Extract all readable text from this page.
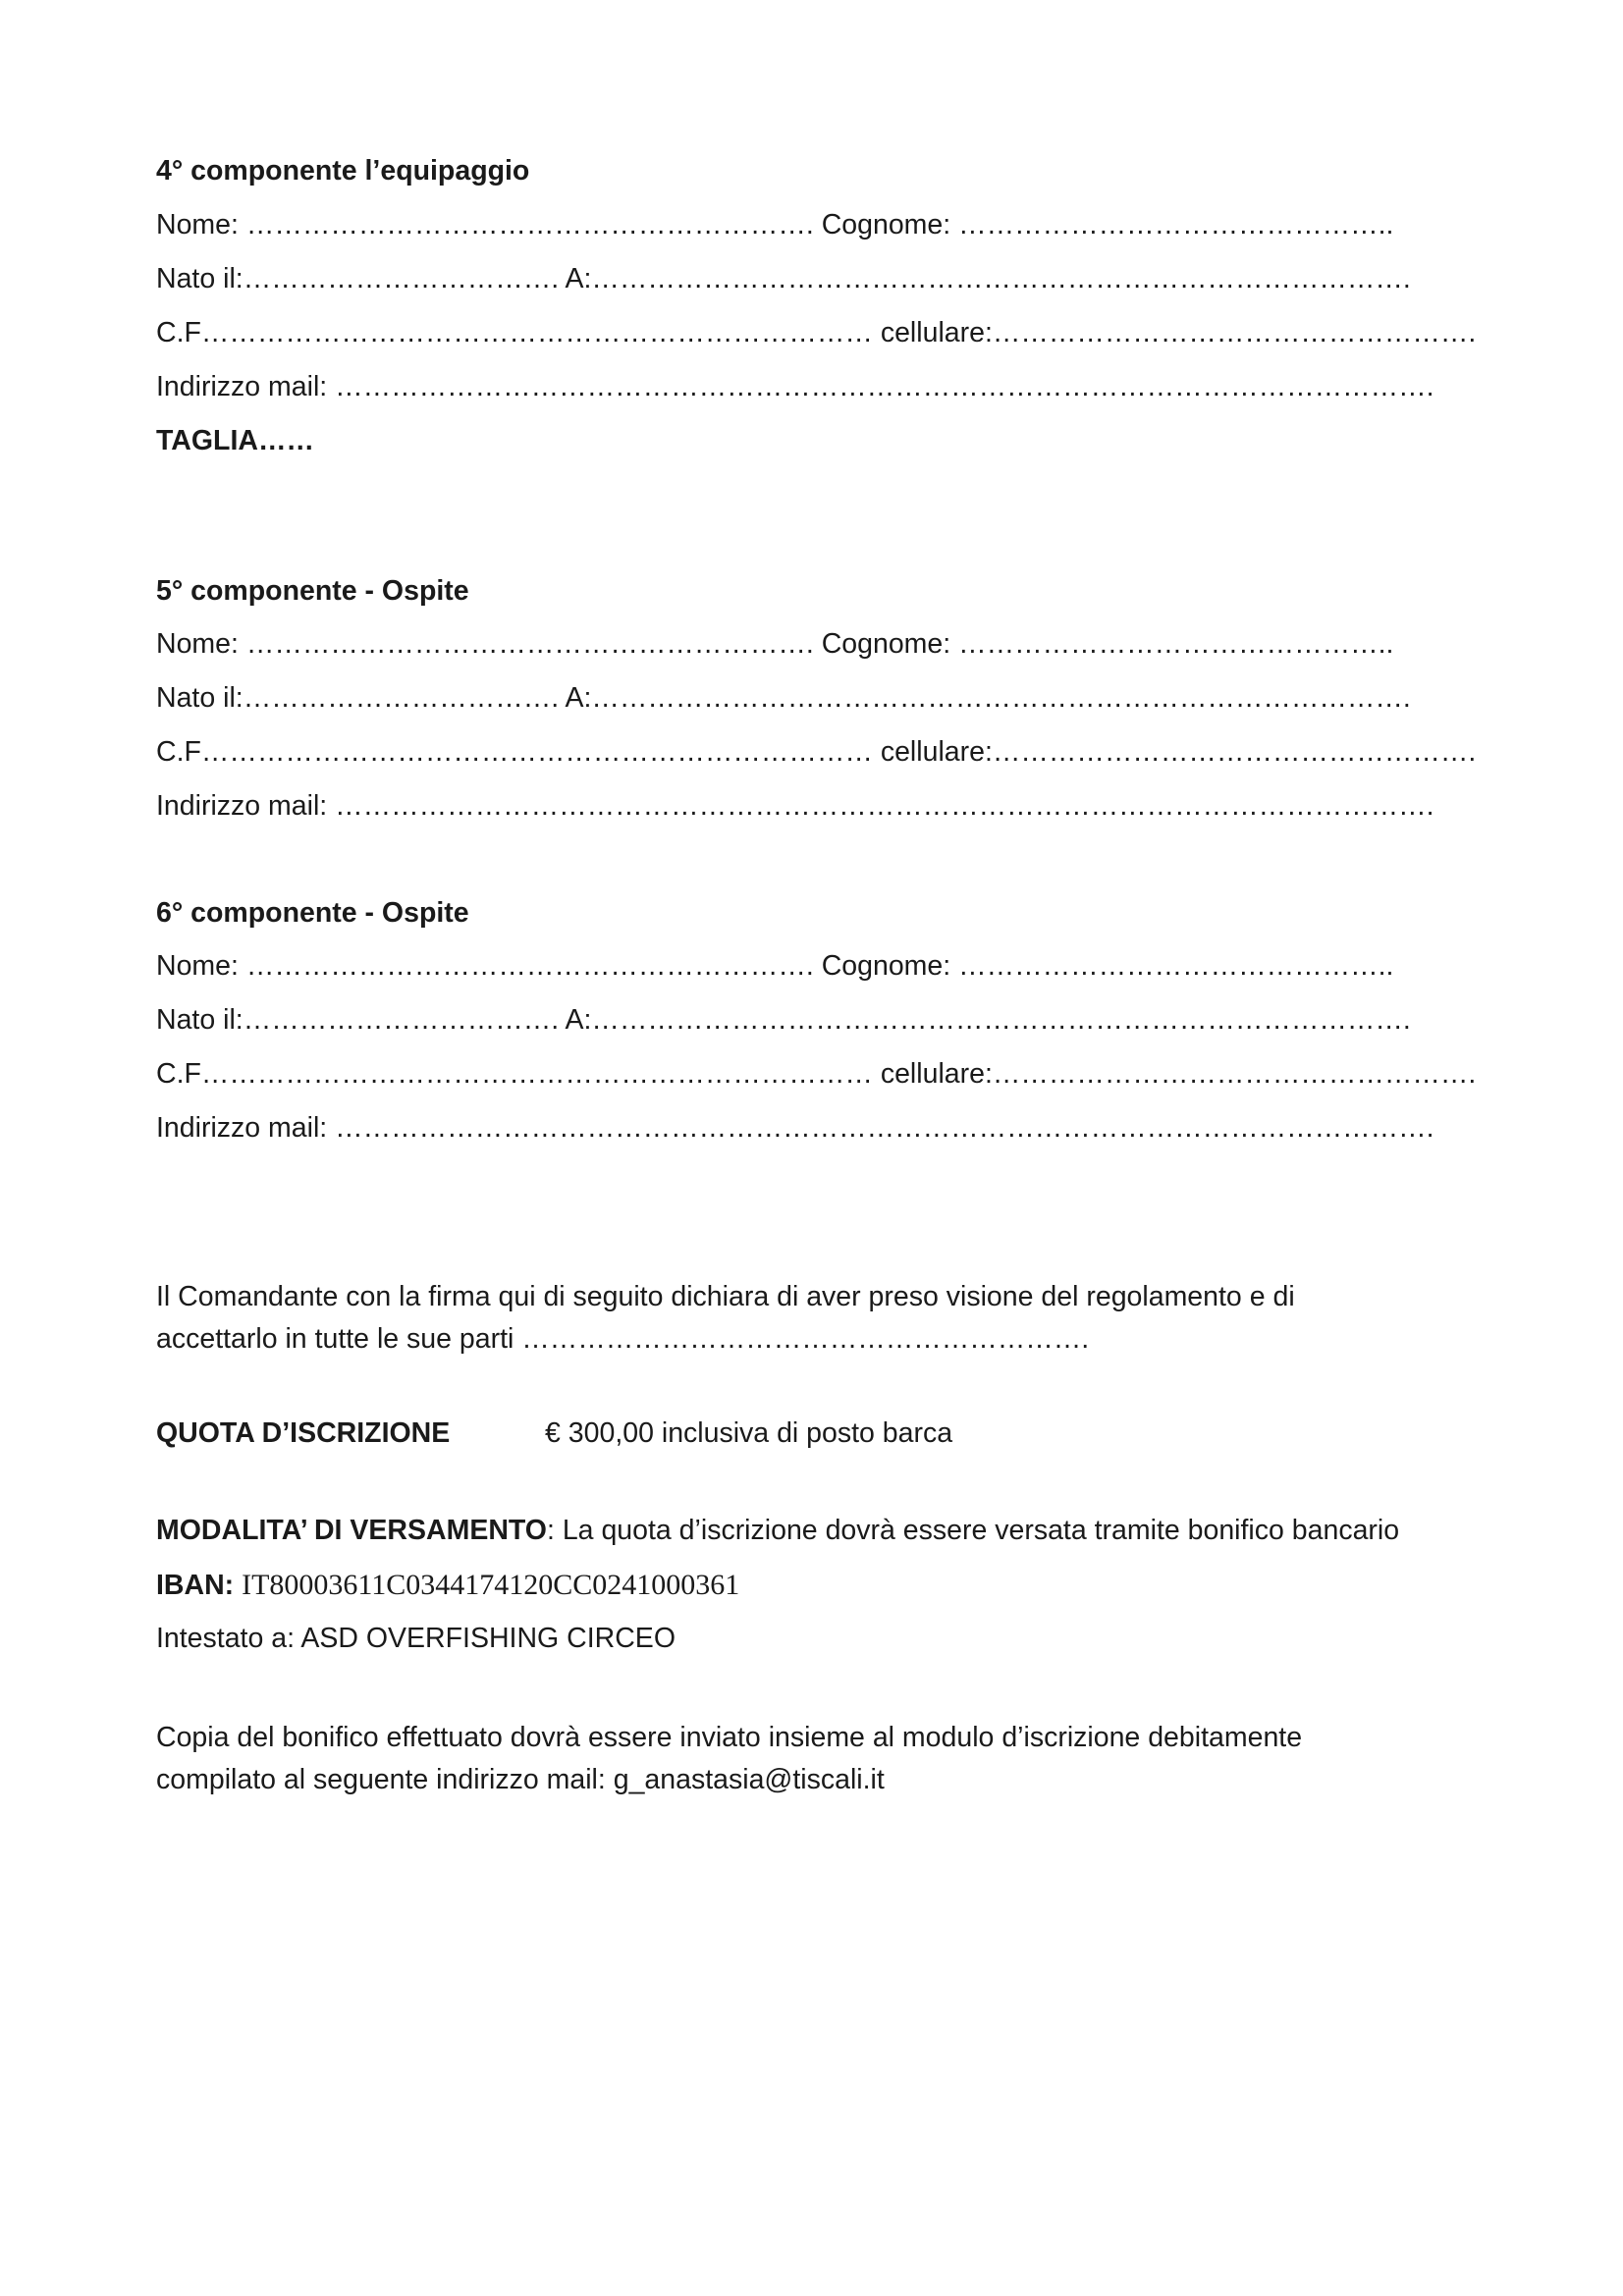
4° componente l’equipaggio
Nome: ……………………………………………………. Cognome: ………………………………………..
Nato il:……………………………. A:…………………………………………………………………………….
C.F……………………………………………………………… cellulare:…………………………………………….
Indirizzo mail: ……………………………………………………………………………………………………….
TAGLIA……
5° componente - Ospite
Nome: ……………………………………………………. Cognome: ………………………………………..
Nato il:……………………………. A:…………………………………………………………………………….
C.F……………………………………………………………… cellulare:…………………………………………….
Indirizzo mail: ……………………………………………………………………………………………………….
6° componente - Ospite
Nome: ……………………………………………………. Cognome: ………………………………………..
Nato il:……………………………. A:…………………………………………………………………………….
C.F……………………………………………………………… cellulare:…………………………………………….
Indirizzo mail: ……………………………………………………………………………………………………….
Il Comandante con la firma qui di seguito dichiara di aver preso visione del regolamento e di
accettarlo in tutte le sue parti …………………………………………………….
QUOTA D’ISCRIZIONE	€ 300,00 inclusiva di posto barca
MODALITA’ DI VERSAMENTO: La quota d’iscrizione dovrà essere versata tramite bonifico bancario
IBAN: IT80003611C0344174120CC0241000361
Intestato a: ASD OVERFISHING CIRCEO
Copia del bonifico effettuato dovrà essere inviato insieme al modulo d’iscrizione debitamente
compilato al seguente indirizzo mail: g_anastasia@tiscali.it
